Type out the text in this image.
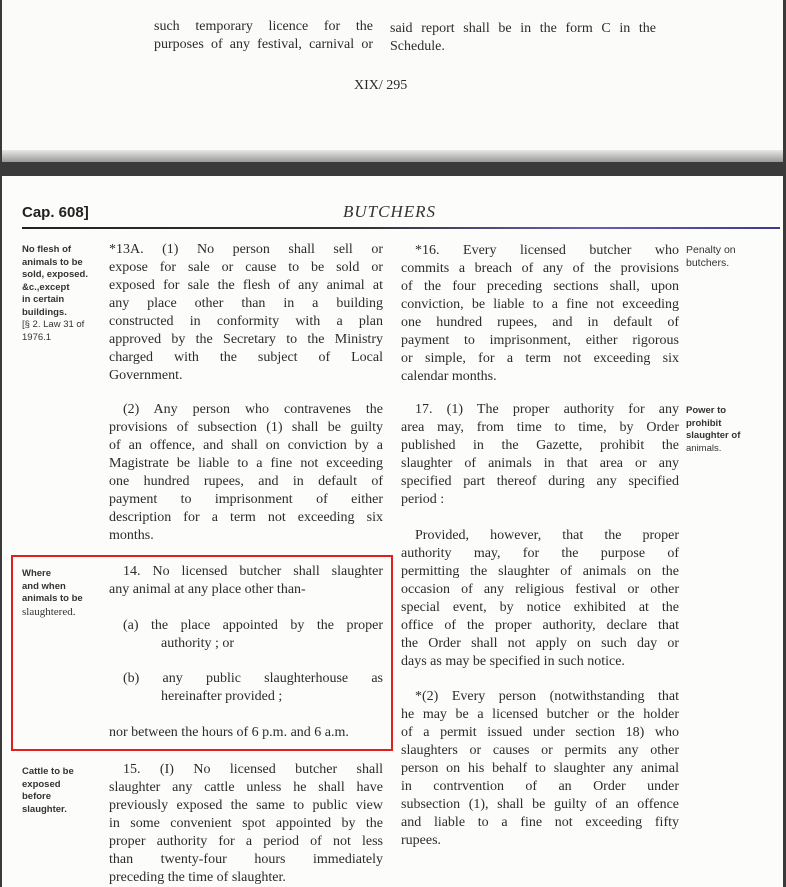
such temporary licence for the

purposes of any festival, carnival or

said report shall be in the form C in the

Schedule.

XIX/ 295
Cap. 608]	BUTCHERS
No flesh of
animals to be
sold, exposed.
&c.,except
in certain
buildings.
[§ 2. Law 31 of
1976.1

*13A. (1) No person shall sell or

expose for sale or cause to be sold or

exposed for sale the flesh of any animal at

any place other than in a building

constructed in conformity with a plan

approved by the Secretary to the Ministry

charged with the subject of Local

Government.

(2) Any person who contravenes the

provisions of subsection (1) shall be guilty

of an offence, and shall on conviction by a

Magistrate be liable to a fine not exceeding

one hundred rupees, and in default of

payment to imprisonment of either

description for a term not exceeding six

months.

Where
and when
animals to be
slaughtered.

14. No licensed butcher shall slaughter

any animal at any place other than-

(a) the place appointed by the proper

authority ; or

(b) any public slaughterhouse as

hereinafter provided ;

nor between the hours of 6 p.m. and 6 a.m.
Cattle to be
exposed
before
slaughter.

15. (I) No licensed butcher shall

slaughter any cattle unless he shall have

previously exposed the same to public view

in some convenient spot appointed by the

proper authority for a period of not less

than twenty-four hours immediately

preceding the time of slaughter.

*16. Every licensed butcher who

commits a breach of any of the provisions

of the four preceding sections shall, upon

conviction, be liable to a fine not exceeding

one hundred rupees, and in default of

payment to imprisonment, either rigorous

or simple, for a term not exceeding six

calendar months.

Penalty on
butchers.

17. (1) The proper authority for any

area may, from time to time, by Order

published in the Gazette, prohibit the

slaughter of animals in that area or any

specified part thereof during any specified

period :

Power to
prohibit
slaughter of
animals.

Provided, however, that the proper

authority may, for the purpose of

permitting the slaughter of animals on the

occasion of any religious festival or other

special event, by notice exhibited at the

office of the proper authority, declare that

the Order shall not apply on such day or

days as may be specified in such notice.

*(2) Every person (notwithstanding that

he may be a licensed butcher or the holder

of a permit issued under section 18) who

slaughters or causes or permits any other

person on his behalf to slaughter any animal

in contrvention of an Order under

subsection (1), shall be guilty of an offence

and liable to a fine not exceeding fifty

rupees.
